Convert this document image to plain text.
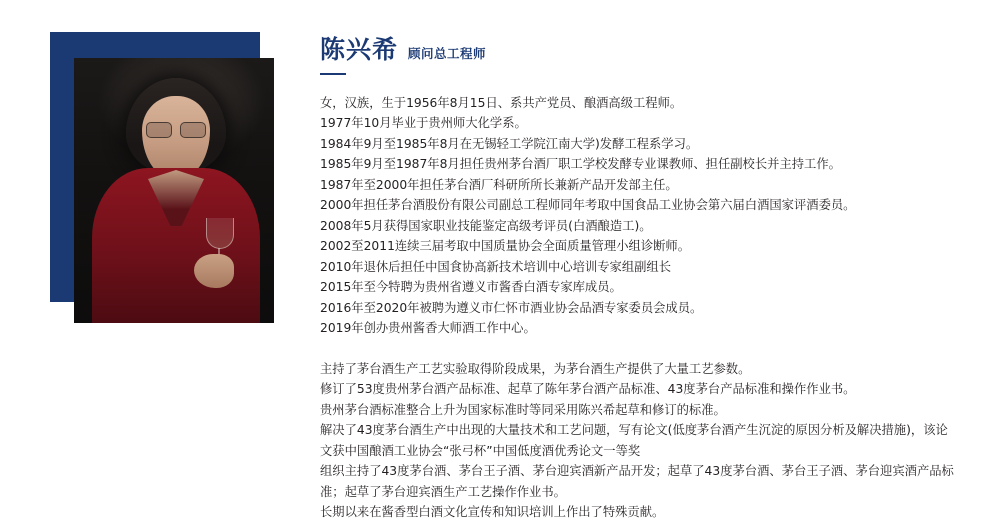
陈兴希 顾问总工程师

女，汉族，生于1956年8月15日、系共产党员、酿酒高级工程师。

1977年10月毕业于贵州师大化学系。

1984年9月至1985年8月在无锡轻工学院江南大学)发酵工程系学习。

1985年9月至1987年8月担任贵州茅台酒厂职工学校发酵专业课教师、担任副校长并主持工作。

1987年至2000年担任茅台酒厂科研所所长兼新产品开发部主任。

2000年担任茅台酒股份有限公司副总工程师同年考取中国食品工业协会第六届白酒国家评酒委员。

2008年5月获得国家职业技能鉴定高级考评员(白酒酿造工)。

2002至2011连续三届考取中国质量协会全面质量管理小组诊断师。

2010年退休后担任中国食协高新技术培训中心培训专家组副组长

2015年至今特聘为贵州省遵义市酱香白酒专家库成员。

2016年至2020年被聘为遵义市仁怀市酒业协会品酒专家委员会成员。

2019年创办贵州酱香大师酒工作中心。

主持了茅台酒生产工艺实验取得阶段成果，为茅台酒生产提供了大量工艺参数。

修订了53度贵州茅台酒产品标准、起草了陈年茅台酒产品标准、43度茅台产品标准和操作作业书。

贵州茅台酒标准整合上升为国家标准时等同采用陈兴希起草和修订的标准。

解决了43度茅台酒生产中出现的大量技术和工艺问题，写有论文(低度茅台酒产生沉淀的原因分析及解决措施)，该论文获中国酿酒工业协会“张弓杯”中国低度酒优秀论文一等奖

组织主持了43度茅台酒、茅台王子酒、茅台迎宾酒新产品开发；起草了43度茅台酒、茅台王子酒、茅台迎宾酒产品标准；起草了茅台迎宾酒生产工艺操作作业书。

长期以来在酱香型白酒文化宣传和知识培训上作出了特殊贡献。
